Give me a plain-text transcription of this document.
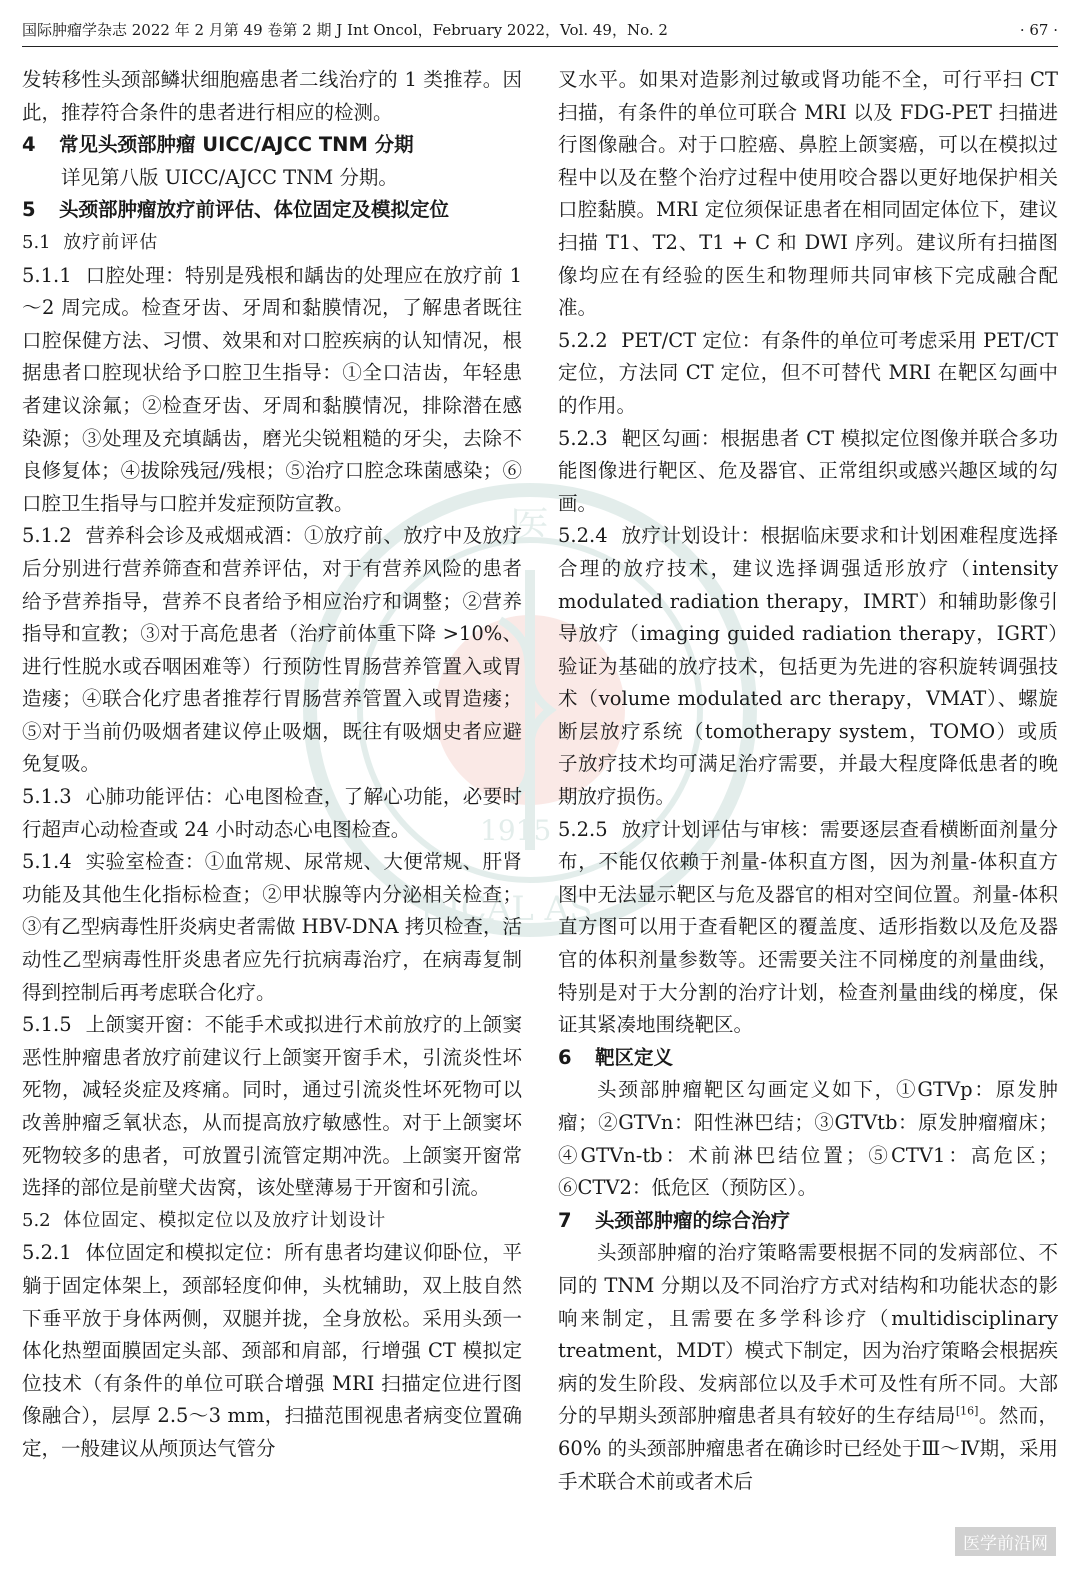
国际肿瘤学杂志 2022 年 2 月第 49 卷第 2 期 J Int Oncol，February 2022，Vol. 49，No. 2	· 67 ·
医
1915
DICAL AS

发转移性头颈部鳞状细胞癌患者二线治疗的 1 类推荐。因此，推荐符合条件的患者进行相应的检测。

4 常见头颈部肿瘤 UICC/AJCC TNM 分期

详见第八版 UICC/AJCC TNM 分期。

5 头颈部肿瘤放疗前评估、体位固定及模拟定位
5.1 放疗前评估

5.1.1 口腔处理：特别是残根和龋齿的处理应在放疗前 1～2 周完成。检查牙齿、牙周和黏膜情况，了解患者既往口腔保健方法、习惯、效果和对口腔疾病的认知情况，根据患者口腔现状给予口腔卫生指导：①全口洁齿，年轻患者建议涂氟；②检查牙齿、牙周和黏膜情况，排除潜在感染源；③处理及充填龋齿，磨光尖锐粗糙的牙尖，去除不良修复体；④拔除残冠/残根；⑤治疗口腔念珠菌感染；⑥口腔卫生指导与口腔并发症预防宣教。

5.1.2 营养科会诊及戒烟戒酒：①放疗前、放疗中及放疗后分别进行营养筛查和营养评估，对于有营养风险的患者给予营养指导，营养不良者给予相应治疗和调整；②营养指导和宣教；③对于高危患者（治疗前体重下降 >10%、进行性脱水或吞咽困难等）行预防性胃肠营养管置入或胃造瘘；④联合化疗患者推荐行胃肠营养管置入或胃造瘘；⑤对于当前仍吸烟者建议停止吸烟，既往有吸烟史者应避免复吸。

5.1.3 心肺功能评估：心电图检查，了解心功能，必要时行超声心动检查或 24 小时动态心电图检查。

5.1.4 实验室检查：①血常规、尿常规、大便常规、肝肾功能及其他生化指标检查；②甲状腺等内分泌相关检查；③有乙型病毒性肝炎病史者需做 HBV-DNA 拷贝检查，活动性乙型病毒性肝炎患者应先行抗病毒治疗，在病毒复制得到控制后再考虑联合化疗。

5.1.5 上颌窦开窗：不能手术或拟进行术前放疗的上颌窦恶性肿瘤患者放疗前建议行上颌窦开窗手术，引流炎性坏死物，减轻炎症及疼痛。同时，通过引流炎性坏死物可以改善肿瘤乏氧状态，从而提高放疗敏感性。对于上颌窦坏死物较多的患者，可放置引流管定期冲洗。上颌窦开窗常选择的部位是前壁犬齿窝，该处壁薄易于开窗和引流。

5.2 体位固定、模拟定位以及放疗计划设计

5.2.1 体位固定和模拟定位：所有患者均建议仰卧位，平躺于固定体架上，颈部轻度仰伸，头枕辅助，双上肢自然下垂平放于身体两侧，双腿并拢，全身放松。采用头颈一体化热塑面膜固定头部、颈部和肩部，行增强 CT 模拟定位技术（有条件的单位可联合增强 MRI 扫描定位进行图像融合），层厚 2.5～3 mm，扫描范围视患者病变位置确定，一般建议从颅顶达气管分

叉水平。如果对造影剂过敏或肾功能不全，可行平扫 CT 扫描，有条件的单位可联合 MRI 以及 FDG-PET 扫描进行图像融合。对于口腔癌、鼻腔上颌窦癌，可以在模拟过程中以及在整个治疗过程中使用咬合器以更好地保护相关口腔黏膜。MRI 定位须保证患者在相同固定体位下，建议扫描 T1、T2、T1 + C 和 DWI 序列。建议所有扫描图像均应在有经验的医生和物理师共同审核下完成融合配准。

5.2.2 PET/CT 定位：有条件的单位可考虑采用 PET/CT 定位，方法同 CT 定位，但不可替代 MRI 在靶区勾画中的作用。

5.2.3 靶区勾画：根据患者 CT 模拟定位图像并联合多功能图像进行靶区、危及器官、正常组织或感兴趣区域的勾画。

5.2.4 放疗计划设计：根据临床要求和计划困难程度选择合理的放疗技术，建议选择调强适形放疗（intensity modulated radiation therapy，IMRT）和辅助影像引导放疗（imaging guided radiation therapy，IGRT）验证为基础的放疗技术，包括更为先进的容积旋转调强技术（volume modulated arc therapy，VMAT）、螺旋断层放疗系统（tomotherapy system，TOMO）或质子放疗技术均可满足治疗需要，并最大程度降低患者的晚期放疗损伤。

5.2.5 放疗计划评估与审核：需要逐层查看横断面剂量分布，不能仅依赖于剂量-体积直方图，因为剂量-体积直方图中无法显示靶区与危及器官的相对空间位置。剂量-体积直方图可以用于查看靶区的覆盖度、适形指数以及危及器官的体积剂量参数等。还需要关注不同梯度的剂量曲线，特别是对于大分割的治疗计划，检查剂量曲线的梯度，保证其紧凑地围绕靶区。

6 靶区定义

头颈部肿瘤靶区勾画定义如下，①GTVp：原发肿瘤；②GTVn：阳性淋巴结；③GTVtb：原发肿瘤瘤床；④GTVn-tb：术前淋巴结位置；⑤CTV1：高危区；⑥CTV2：低危区（预防区）。

7 头颈部肿瘤的综合治疗

头颈部肿瘤的治疗策略需要根据不同的发病部位、不同的 TNM 分期以及不同治疗方式对结构和功能状态的影响来制定，且需要在多学科诊疗（multidisciplinary treatment，MDT）模式下制定，因为治疗策略会根据疾病的发生阶段、发病部位以及手术可及性有所不同。大部分的早期头颈部肿瘤患者具有较好的生存结局[16]。然而，60% 的头颈部肿瘤患者在确诊时已经处于Ⅲ～Ⅳ期，采用手术联合术前或者术后

医学前沿网
